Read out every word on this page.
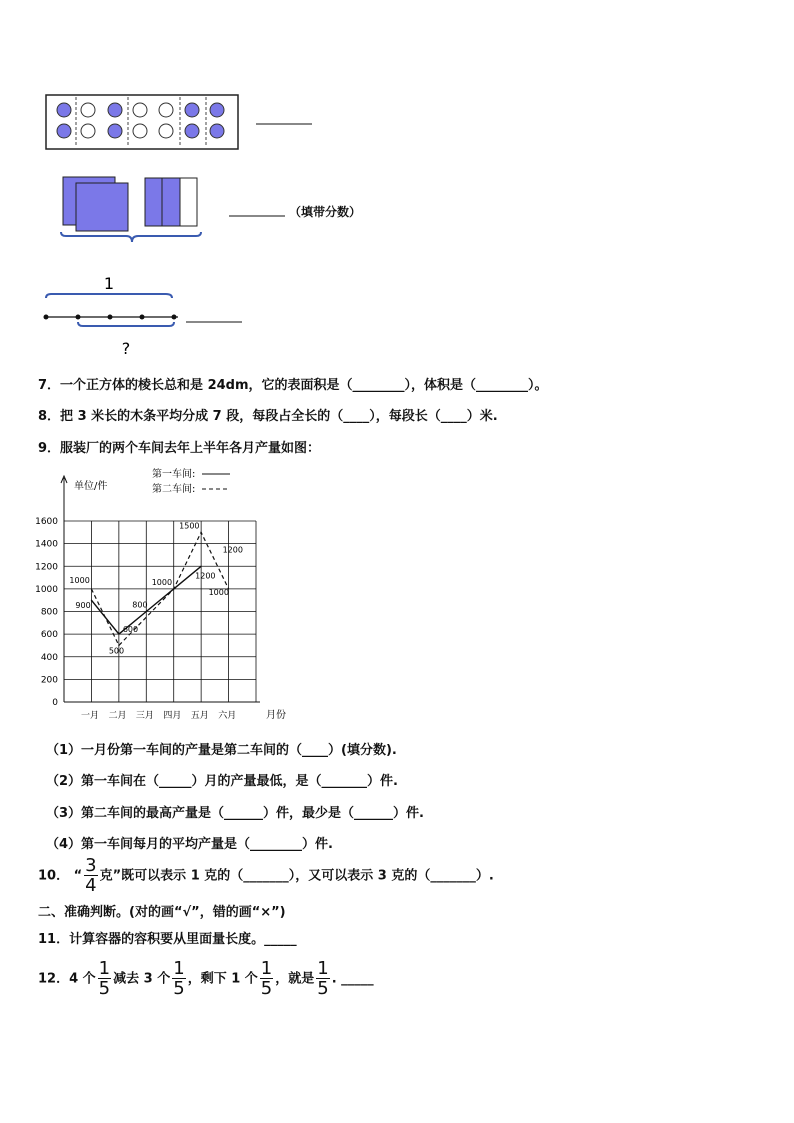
（填带分数）
1
?
7．一个正方体的棱长总和是 24dm，它的表面积是（________），体积是（________）。
8．把 3 米长的木条平均分成 7 段，每段占全长的（____），每段长（____）米.
9．服装厂的两个车间去年上半年各月产量如图：
0
200
400
600
800
1000
1200
1400
1600
一月 二月 三月 四月 五月 六月
1000
900
600
500
800
1000
1500
1200
1200
1000
单位/件
月份
第一车间:
第二车间:
（1）一月份第一车间的产量是第二车间的（____）(填分数).
（2）第一车间在（_____）月的产量最低，是（_______）件.
（3）第二车间的最高产量是（______）件，最少是（______）件.
（4）第一车间每月的平均产量是（________）件.
10． “ $\frac{3}{4}$ 克”既可以表示 1 克的（_______），又可以表示 3 克的（_______）.
二、准确判断。(对的画“√”，错的画“×”)
11．计算容器的容积要从里面量长度。_____
12．4 个 $\frac{1}{5}$ 减去 3 个 $\frac{1}{5}$ ，剩下 1 个 $\frac{1}{5}$ ，就是 $\frac{1}{5}$ . _____
